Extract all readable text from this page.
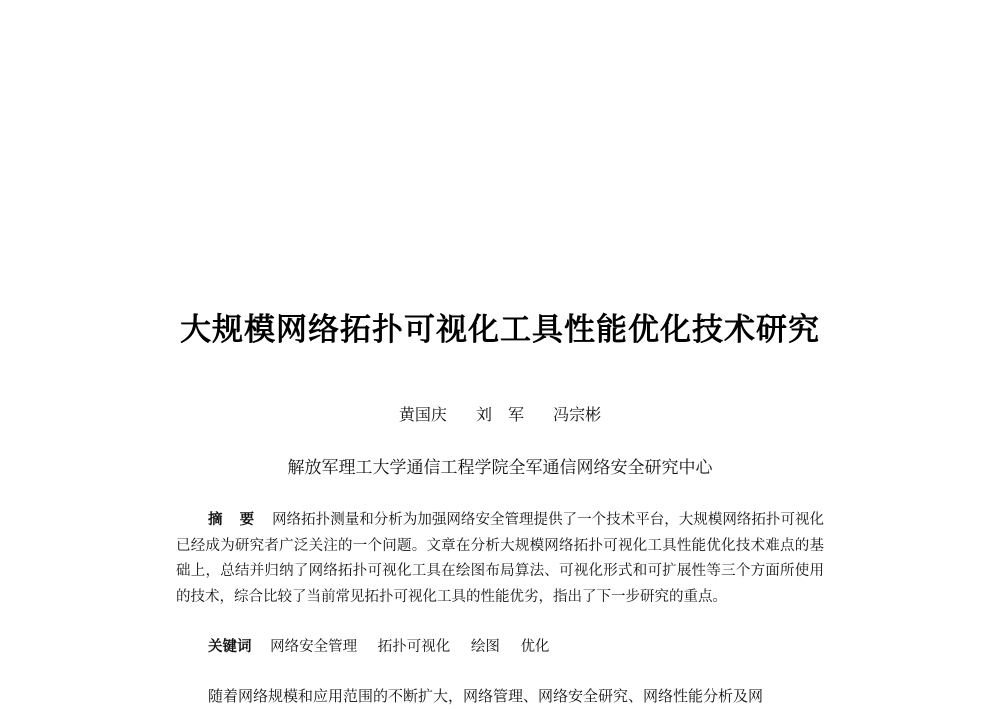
大规模网络拓扑可视化工具性能优化技术研究
黄国庆 刘　军 冯宗彬
解放军理工大学通信工程学院全军通信网络安全研究中心

摘 要 网络拓扑测量和分析为加强网络安全管理提供了一个技术平台，大规模网络拓扑可视化已经成为研究者广泛关注的一个问题。文章在分析大规模网络拓扑可视化工具性能优化技术难点的基础上，总结并归纳了网络拓扑可视化工具在绘图布局算法、可视化形式和可扩展性等三个方面所使用的技术，综合比较了当前常见拓扑可视化工具的性能优劣，指出了下一步研究的重点。

关键词 网络安全管理 拓扑可视化 绘图 优化
随着网络规模和应用范围的不断扩大，网络管理、网络安全研究、网络性能分析及网
